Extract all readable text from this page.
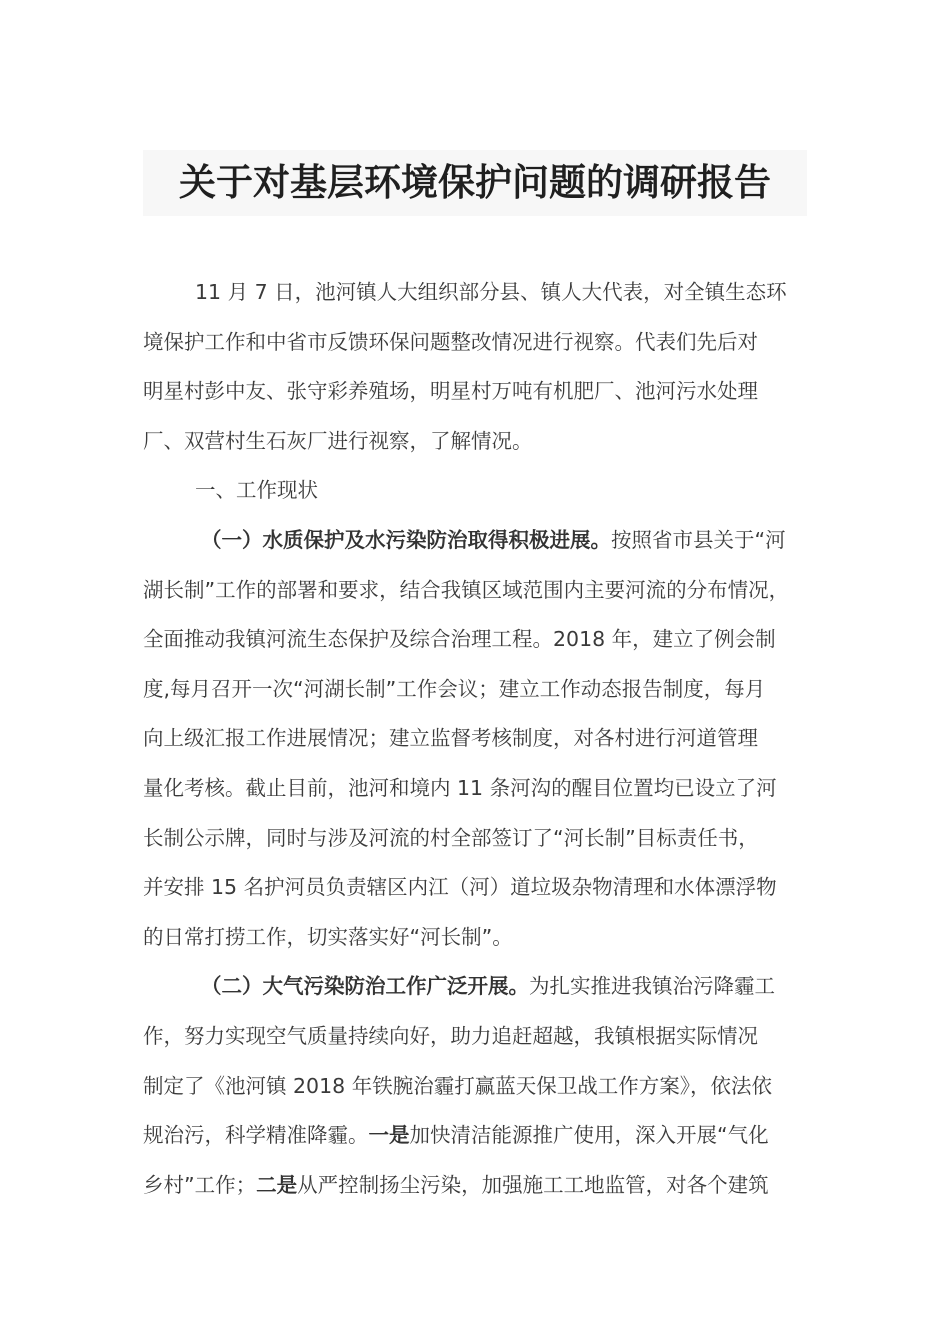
关于对基层环境保护问题的调研报告
11 月 7 日，池河镇人大组织部分县、镇人大代表，对全镇生态环
境保护工作和中省市反馈环保问题整改情况进行视察。代表们先后对
明星村彭中友、张守彩养殖场，明星村万吨有机肥厂、池河污水处理
厂、双营村生石灰厂进行视察，了解情况。
一、工作现状
（一）水质保护及水污染防治取得积极进展。按照省市县关于“河
湖长制”工作的部署和要求，结合我镇区域范围内主要河流的分布情况，
全面推动我镇河流生态保护及综合治理工程。2018 年，建立了例会制
度,每月召开一次“河湖长制”工作会议；建立工作动态报告制度，每月
向上级汇报工作进展情况；建立监督考核制度，对各村进行河道管理
量化考核。截止目前，池河和境内 11 条河沟的醒目位置均已设立了河
长制公示牌，同时与涉及河流的村全部签订了“河长制”目标责任书，
并安排 15 名护河员负责辖区内江（河）道垃圾杂物清理和水体漂浮物
的日常打捞工作，切实落实好“河长制”。
（二）大气污染防治工作广泛开展。为扎实推进我镇治污降霾工
作，努力实现空气质量持续向好，助力追赶超越，我镇根据实际情况
制定了《池河镇 2018 年铁腕治霾打赢蓝天保卫战工作方案》，依法依
规治污，科学精准降霾。一是加快清洁能源推广使用，深入开展“气化
乡村”工作；二是从严控制扬尘污染，加强施工工地监管，对各个建筑
